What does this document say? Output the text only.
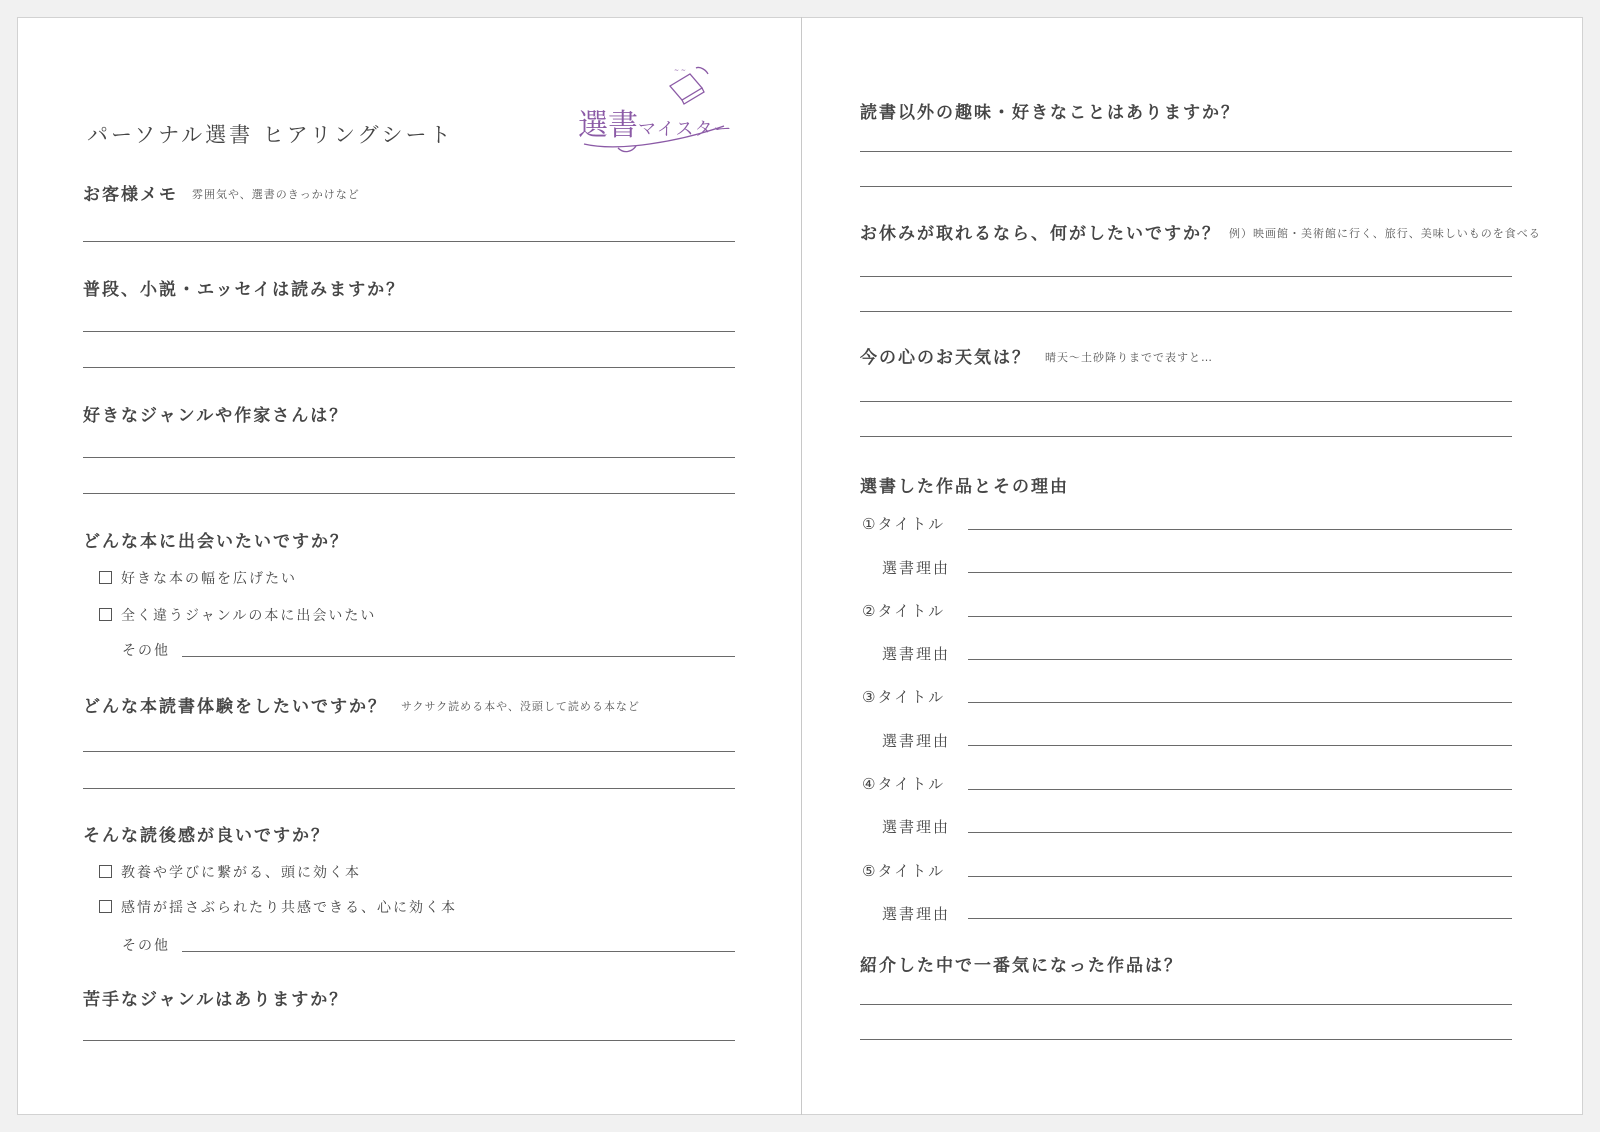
パーソナル選書 ヒアリングシート
~ ~
選書マイスター
お客様メモ 雰囲気や、選書のきっかけなど
普段、小説・エッセイは読みますか？
好きなジャンルや作家さんは？
どんな本に出会いたいですか？
好きな本の幅を広げたい
全く違うジャンルの本に出会いたい
その他
どんな本読書体験をしたいですか？ サクサク読める本や、没頭して読める本など
そんな読後感が良いですか？
教養や学びに繋がる、頭に効く本
感情が揺さぶられたり共感できる、心に効く本
その他
苦手なジャンルはありますか？
読書以外の趣味・好きなことはありますか？
お休みが取れるなら、何がしたいですか？ 例）映画館・美術館に行く、旅行、美味しいものを食べる
今の心のお天気は？ 晴天〜土砂降りまでで表すと…
選書した作品とその理由
①タイトル
選書理由
②タイトル
選書理由
③タイトル
選書理由
④タイトル
選書理由
⑤タイトル
選書理由
紹介した中で一番気になった作品は？
